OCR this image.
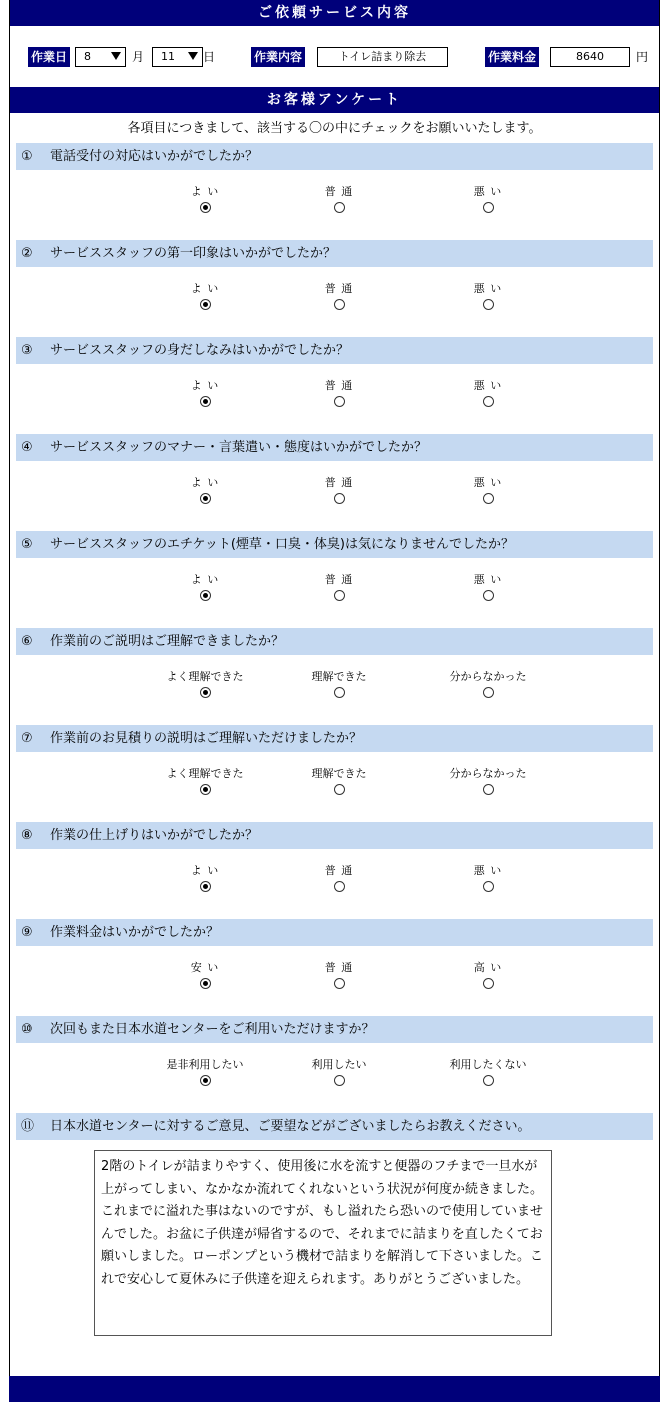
ご依頼サービス内容
作業日	8	月	11	日	作業内容	トイレ詰まり除去	作業料金	8640	円
お客様アンケート
各項目につきまして、該当する〇の中にチェックをお願いいたします。
① 電話受付の対応はいかがでしたか？
よ い	普 通	悪 い
② サービススタッフの第一印象はいかがでしたか？
よ い	普 通	悪 い
③ サービススタッフの身だしなみはいかがでしたか？
よ い	普 通	悪 い
④ サービススタッフのマナー・言葉遣い・態度はいかがでしたか？
よ い	普 通	悪 い
⑤ サービススタッフのエチケット(煙草・口臭・体臭)は気になりませんでしたか？
よ い	普 通	悪 い
⑥ 作業前のご説明はご理解できましたか？
よく理解できた	理解できた	分からなかった
⑦ 作業前のお見積りの説明はご理解いただけましたか？
よく理解できた	理解できた	分からなかった
⑧ 作業の仕上げりはいかがでしたか？
よ い	普 通	悪 い
⑨ 作業料金はいかがでしたか？
安 い	普 通	高 い
⑩ 次回もまた日本水道センターをご利用いただけますか？
是非利用したい	利用したい	利用したくない
⑪ 日本水道センターに対するご意見、ご要望などがございましたらお教えください。
2階のトイレが詰まりやすく、使用後に水を流すと便器のフチまで一旦水が上がってしまい、なかなか流れてくれないという状況が何度か続きました。これまでに溢れた事はないのですが、もし溢れたら恐いので使用していませんでした。お盆に子供達が帰省するので、それまでに詰まりを直したくてお願いしました。ローポンプという機材で詰まりを解消して下さいました。これで安心して夏休みに子供達を迎えられます。ありがとうございました。
